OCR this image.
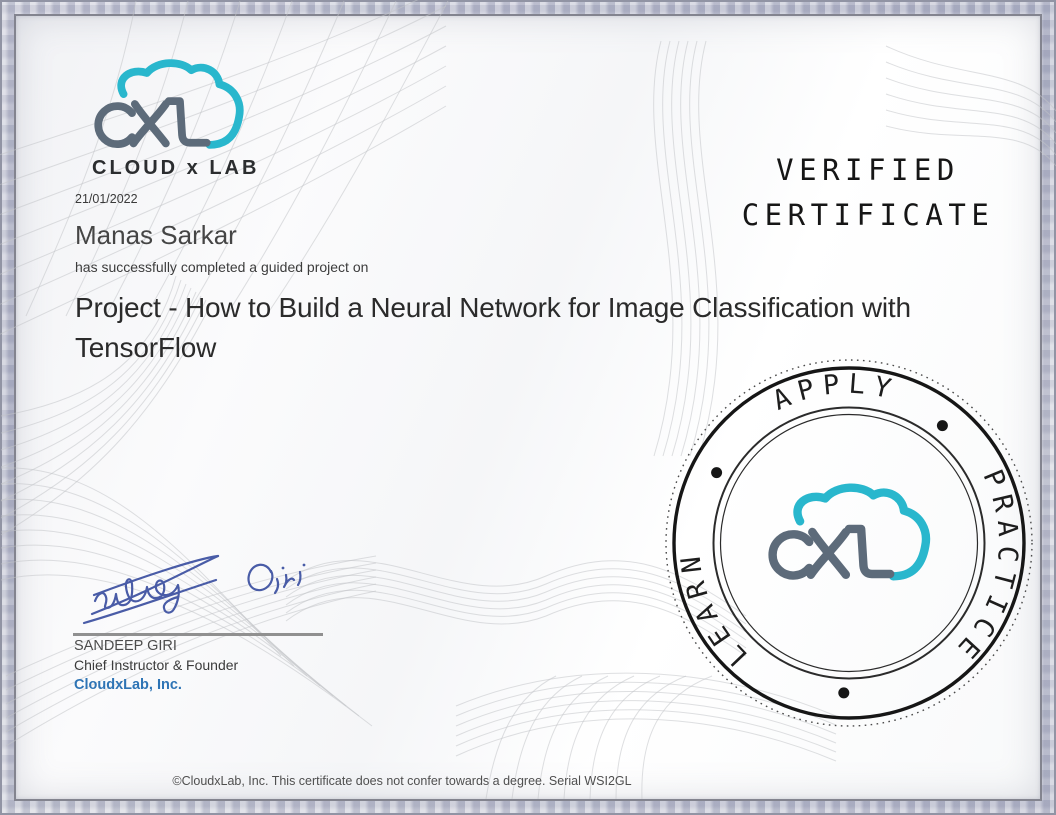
CLOUD x LAB
21/01/2022
Manas Sarkar
has successfully completed a guided project on
Project - How to Build a Neural Network for Image Classification with TensorFlow
VERIFIED
CERTIFICATE
APPLY
PRACTICE
LEARN
SANDEEP GIRI
Chief Instructor & Founder
CloudxLab, Inc.
©CloudxLab, Inc. This certificate does not confer towards a degree. Serial WSI2GL
